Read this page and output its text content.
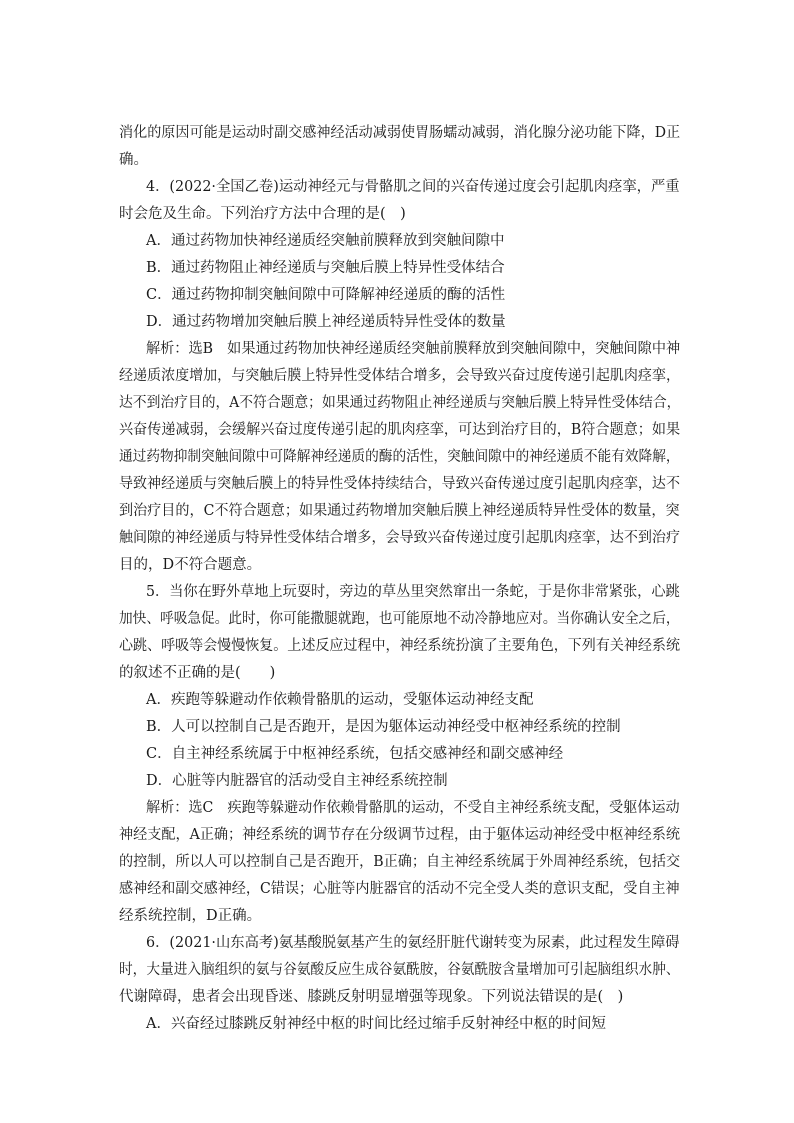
消化的原因可能是运动时副交感神经活动减弱使胃肠蠕动减弱，消化腺分泌功能下降，D正
确。
4．(2022·全国乙卷)运动神经元与骨骼肌之间的兴奋传递过度会引起肌肉痉挛，严重
时会危及生命。下列治疗方法中合理的是(　)
A．通过药物加快神经递质经突触前膜释放到突触间隙中
B．通过药物阻止神经递质与突触后膜上特异性受体结合
C．通过药物抑制突触间隙中可降解神经递质的酶的活性
D．通过药物增加突触后膜上神经递质特异性受体的数量
解析：选B　如果通过药物加快神经递质经突触前膜释放到突触间隙中，突触间隙中神
经递质浓度增加，与突触后膜上特异性受体结合增多，会导致兴奋过度传递引起肌肉痉挛，
达不到治疗目的，A不符合题意；如果通过药物阻止神经递质与突触后膜上特异性受体结合，
兴奋传递减弱，会缓解兴奋过度传递引起的肌肉痉挛，可达到治疗目的，B符合题意；如果
通过药物抑制突触间隙中可降解神经递质的酶的活性，突触间隙中的神经递质不能有效降解，
导致神经递质与突触后膜上的特异性受体持续结合，导致兴奋传递过度引起肌肉痉挛，达不
到治疗目的，C不符合题意；如果通过药物增加突触后膜上神经递质特异性受体的数量，突
触间隙的神经递质与特异性受体结合增多，会导致兴奋传递过度引起肌肉痉挛，达不到治疗
目的，D不符合题意。
5．当你在野外草地上玩耍时，旁边的草丛里突然窜出一条蛇，于是你非常紧张，心跳
加快、呼吸急促。此时，你可能撒腿就跑，也可能原地不动冷静地应对。当你确认安全之后，
心跳、呼吸等会慢慢恢复。上述反应过程中，神经系统扮演了主要角色，下列有关神经系统
的叙述不正确的是(　　)
A．疾跑等躲避动作依赖骨骼肌的运动，受躯体运动神经支配
B．人可以控制自己是否跑开，是因为躯体运动神经受中枢神经系统的控制
C．自主神经系统属于中枢神经系统，包括交感神经和副交感神经
D．心脏等内脏器官的活动受自主神经系统控制
解析：选C　疾跑等躲避动作依赖骨骼肌的运动，不受自主神经系统支配，受躯体运动
神经支配，A正确；神经系统的调节存在分级调节过程，由于躯体运动神经受中枢神经系统
的控制，所以人可以控制自己是否跑开，B正确；自主神经系统属于外周神经系统，包括交
感神经和副交感神经，C错误；心脏等内脏器官的活动不完全受人类的意识支配，受自主神
经系统控制，D正确。
6．(2021·山东高考)氨基酸脱氨基产生的氨经肝脏代谢转变为尿素，此过程发生障碍
时，大量进入脑组织的氨与谷氨酸反应生成谷氨酰胺，谷氨酰胺含量增加可引起脑组织水肿、
代谢障碍，患者会出现昏迷、膝跳反射明显增强等现象。下列说法错误的是(　)
A．兴奋经过膝跳反射神经中枢的时间比经过缩手反射神经中枢的时间短
